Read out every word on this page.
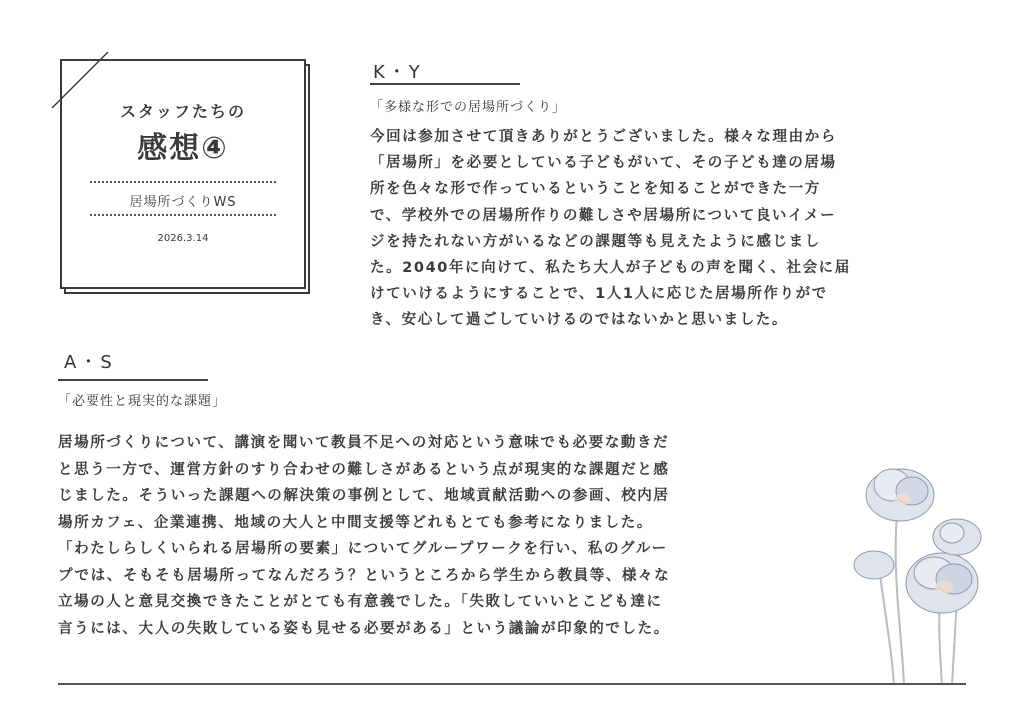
スタッフたちの
感想④
居場所づくりWS
2026.3.14
K・Y
「多様な形での居場所づくり」
今回は参加させて頂きありがとうございました。様々な理由から
「居場所」を必要としている子どもがいて、その子ども達の居場
所を色々な形で作っているということを知ることができた一方
で、学校外での居場所作りの難しさや居場所について良いイメー
ジを持たれない方がいるなどの課題等も見えたように感じまし
た。2040年に向けて、私たち大人が子どもの声を聞く、社会に届
けていけるようにすることで、1人1人に応じた居場所作りがで
き、安心して過ごしていけるのではないかと思いました。
A・S
「必要性と現実的な課題」
居場所づくりについて、講演を聞いて教員不足への対応という意味でも必要な動きだ
と思う一方で、運営方針のすり合わせの難しさがあるという点が現実的な課題だと感
じました。そういった課題への解決策の事例として、地域貢献活動への参画、校内居
場所カフェ、企業連携、地域の大人と中間支援等どれもとても参考になりました。
「わたしらしくいられる居場所の要素」についてグループワークを行い、私のグルー
プでは、そもそも居場所ってなんだろう？というところから学生から教員等、様々な
立場の人と意見交換できたことがとても有意義でした。「失敗していいとこども達に
言うには、大人の失敗している姿も見せる必要がある」という議論が印象的でした。
